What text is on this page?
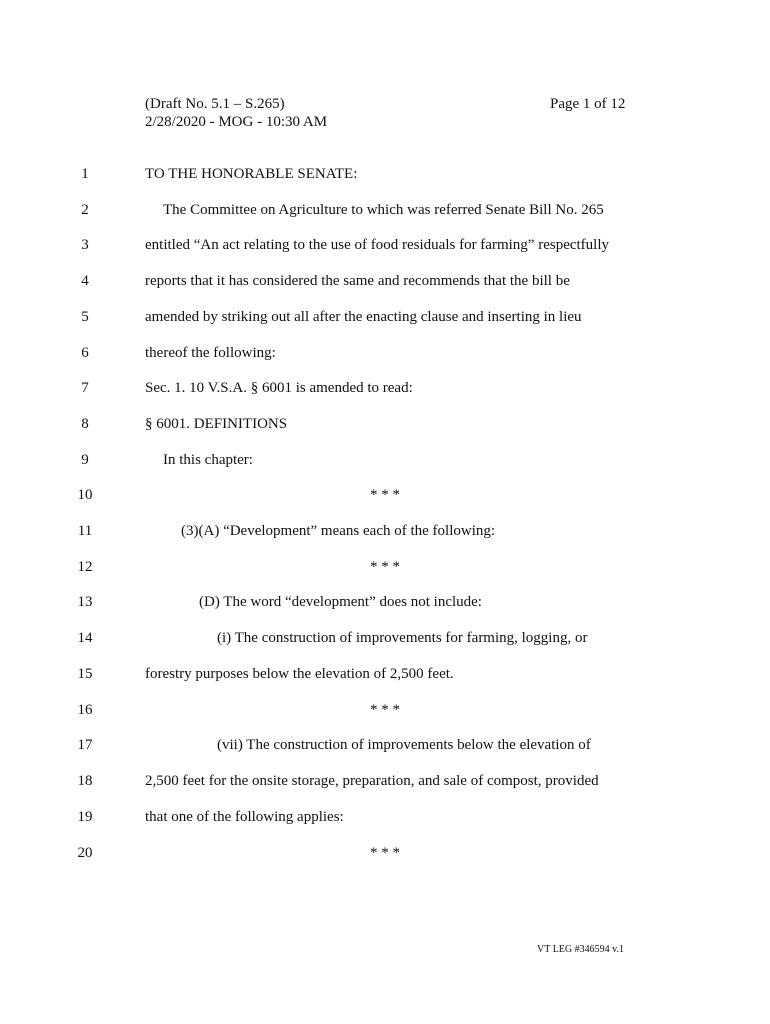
(Draft No. 5.1 – S.265)
2/28/2020 - MOG - 10:30 AM
Page 1 of 12
1	TO THE HONORABLE SENATE:
2	The Committee on Agriculture to which was referred Senate Bill No. 265
3	entitled “An act relating to the use of food residuals for farming” respectfully
4	reports that it has considered the same and recommends that the bill be
5	amended by striking out all after the enacting clause and inserting in lieu
6	thereof the following:
7	Sec. 1. 10 V.S.A. § 6001 is amended to read:
8	§ 6001. DEFINITIONS
9	In this chapter:
10	* * *
11	(3)(A) “Development” means each of the following:
12	* * *
13	(D) The word “development” does not include:
14	(i) The construction of improvements for farming, logging, or
15	forestry purposes below the elevation of 2,500 feet.
16	* * *
17	(vii) The construction of improvements below the elevation of
18	2,500 feet for the onsite storage, preparation, and sale of compost, provided
19	that one of the following applies:
20	* * *
VT LEG #346594 v.1
